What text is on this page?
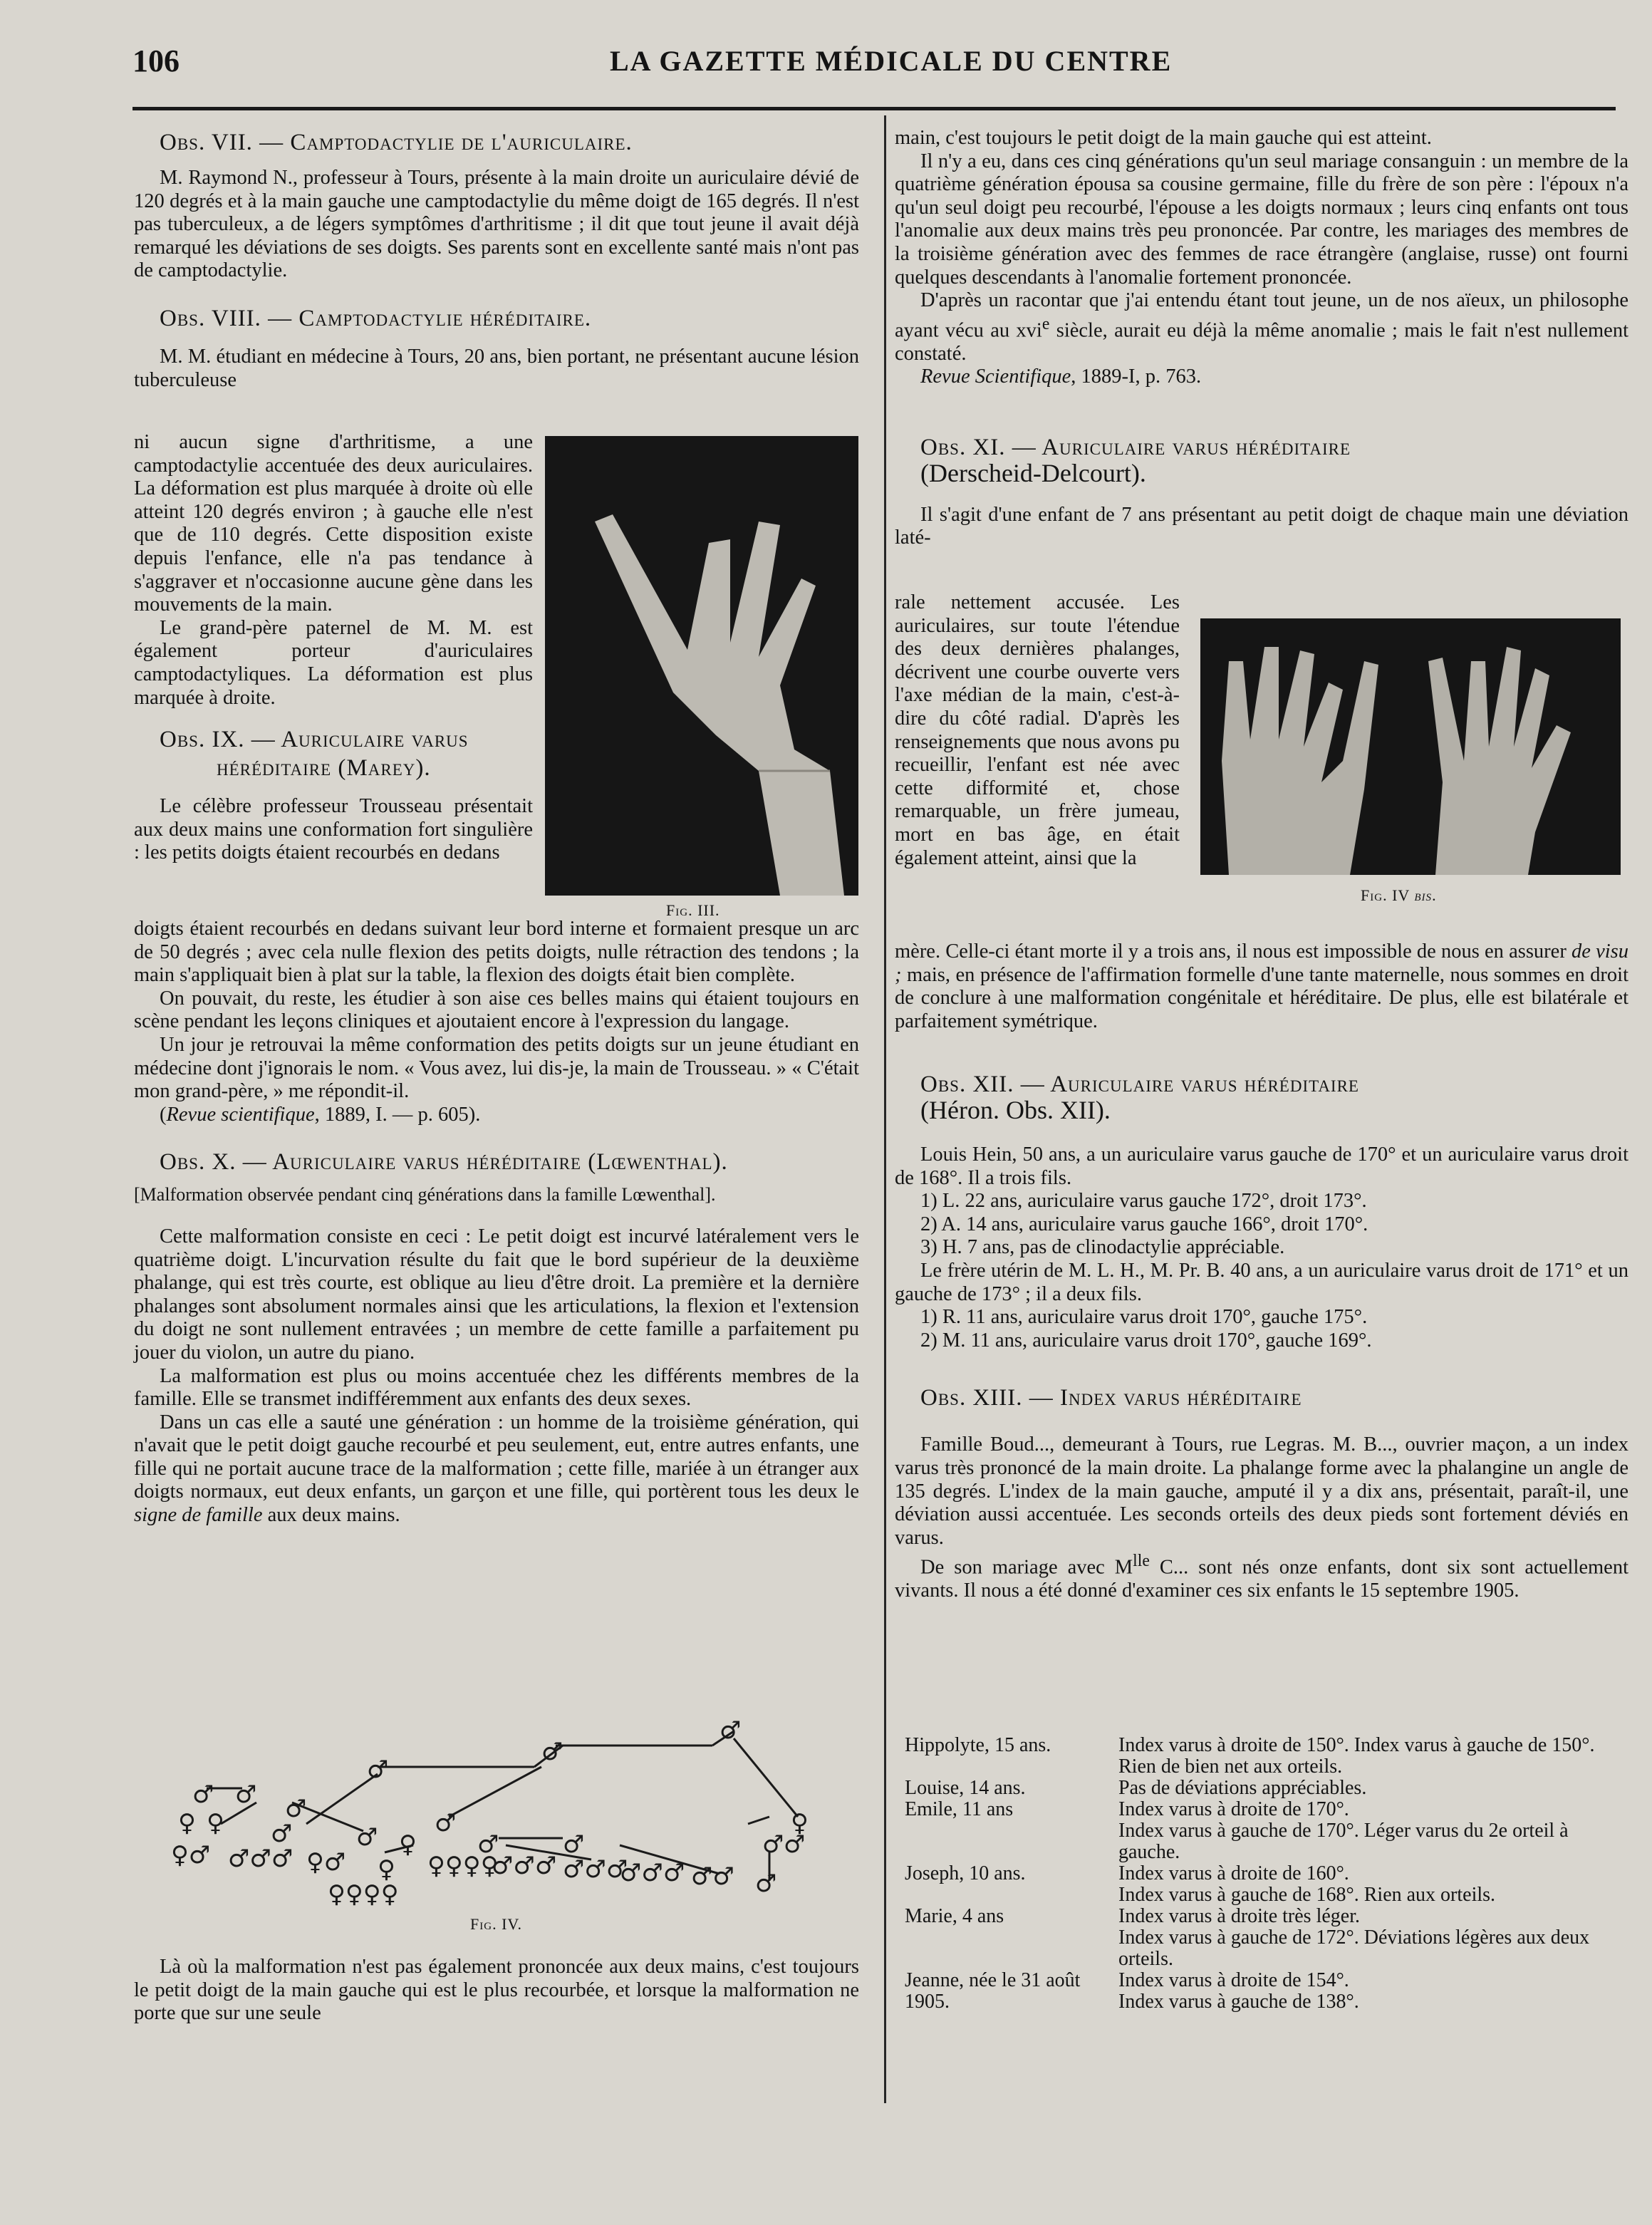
106	LA GAZETTE MÉDICALE DU CENTRE

Obs. VII. — Camptodactylie de l'auriculaire.

M. Raymond N., professeur à Tours, présente à la main droite un auriculaire dévié de 120 degrés et à la main gauche une camptodactylie du même doigt de 165 degrés. Il n'est pas tuberculeux, a de légers symptômes d'arthritisme ; il dit que tout jeune il avait déjà remarqué les déviations de ses doigts. Ses parents sont en excellente santé mais n'ont pas de camptodactylie.

Obs. VIII. — Camptodactylie héréditaire.

M. M. étudiant en médecine à Tours, 20 ans, bien portant, ne présentant aucune lésion tuberculeuse

ni aucun signe d'arthritisme, a une camptodactylie accentuée des deux auriculaires. La déformation est plus marquée à droite où elle atteint 120 degrés environ ; à gauche elle n'est que de 110 degrés. Cette disposition existe depuis l'enfance, elle n'a pas tendance à s'aggraver et n'occasionne aucune gène dans les mouvements de la main.

Le grand-père paternel de M. M. est également porteur d'auriculaires camptodactyliques. La déformation est plus marquée à droite.

Obs. IX. — Auriculaire varus

héréditaire (Marey).

Le célèbre professeur Trousseau présentait aux deux mains une conformation fort singulière : les petits doigts étaient recourbés en dedans

Fig. III.

doigts étaient recourbés en dedans suivant leur bord interne et formaient presque un arc de 50 degrés ; avec cela nulle flexion des petits doigts, nulle rétraction des tendons ; la main s'appliquait bien à plat sur la table, la flexion des doigts était bien complète.

On pouvait, du reste, les étudier à son aise ces belles mains qui étaient toujours en scène pendant les leçons cliniques et ajoutaient encore à l'expression du langage.

Un jour je retrouvai la même conformation des petits doigts sur un jeune étudiant en médecine dont j'ignorais le nom. « Vous avez, lui dis-je, la main de Trousseau. » « C'était mon grand-père, » me répondit-il.

(Revue scientifique, 1889, I. — p. 605).

Obs. X. — Auriculaire varus héréditaire (Lœwenthal).

[Malformation observée pendant cinq générations dans la famille Lœwenthal].

Cette malformation consiste en ceci : Le petit doigt est incurvé latéralement vers le quatrième doigt. L'incurvation résulte du fait que le bord supérieur de la deuxième phalange, qui est très courte, est oblique au lieu d'être droit. La première et la dernière phalanges sont absolument normales ainsi que les articulations, la flexion et l'extension du doigt ne sont nullement entravées ; un membre de cette famille a parfaitement pu jouer du violon, un autre du piano.

La malformation est plus ou moins accentuée chez les différents membres de la famille. Elle se transmet indifféremment aux enfants des deux sexes.

Dans un cas elle a sauté une génération : un homme de la troisième génération, qui n'avait que le petit doigt gauche recourbé et peu seulement, eut, entre autres enfants, une fille qui ne portait aucune trace de la malformation ; cette fille, mariée à un étranger aux doigts normaux, eut deux enfants, un garçon et une fille, qui portèrent tous les deux le signe de famille aux deux mains.

♂
♂
♂
♂ ♂ ♂	♂	♀
♀ ♀ ♂	♂ ♀	♂	♂	♂ ♂
♀♂ ♂♂♂ ♀♂ ♀ ♀♀♀♀
♂♂♂ ♂♂♂
♂♂♂ ♂♂ ♂
♀♀♀♀
Fig. IV.

Là où la malformation n'est pas également prononcée aux deux mains, c'est toujours le petit doigt de la main gauche qui est le plus recourbée, et lorsque la malformation ne porte que sur une seule

main, c'est toujours le petit doigt de la main gauche qui est atteint.

Il n'y a eu, dans ces cinq générations qu'un seul mariage consanguin : un membre de la quatrième génération épousa sa cousine germaine, fille du frère de son père : l'époux n'a qu'un seul doigt peu recourbé, l'épouse a les doigts normaux ; leurs cinq enfants ont tous l'anomalie aux deux mains très peu prononcée. Par contre, les mariages des membres de la troisième génération avec des femmes de race étrangère (anglaise, russe) ont fourni quelques descendants à l'anomalie fortement prononcée.

D'après un racontar que j'ai entendu étant tout jeune, un de nos aïeux, un philosophe ayant vécu au xvi$^e$ siècle, aurait eu déjà la même anomalie ; mais le fait n'est nullement constaté.

Revue Scientifique, 1889-I, p. 763.

Obs. XI. — Auriculaire varus héréditaire

(Derscheid-Delcourt).

Il s'agit d'une enfant de 7 ans présentant au petit doigt de chaque main une déviation laté-

Fig. IV bis.

rale nettement accusée. Les auriculaires, sur toute l'étendue des deux dernières phalanges, décrivent une courbe ouverte vers l'axe médian de la main, c'est-à-dire du côté radial. D'après les renseignements que nous avons pu recueillir, l'enfant est née avec cette difformité et, chose remarquable, un frère jumeau, mort en bas âge, en était également atteint, ainsi que la

mère. Celle-ci étant morte il y a trois ans, il nous est impossible de nous en assurer de visu ; mais, en présence de l'affirmation formelle d'une tante maternelle, nous sommes en droit de conclure à une malformation congénitale et héréditaire. De plus, elle est bilatérale et parfaitement symétrique.

Obs. XII. — Auriculaire varus héréditaire

(Héron. Obs. XII).

Louis Hein, 50 ans, a un auriculaire varus gauche de 170° et un auriculaire varus droit de 168°. Il a trois fils.

1) L. 22 ans, auriculaire varus gauche 172°, droit 173°.

2) A. 14 ans, auriculaire varus gauche 166°, droit 170°.

3) H. 7 ans, pas de clinodactylie appréciable.

Le frère utérin de M. L. H., M. Pr. B. 40 ans, a un auriculaire varus droit de 171° et un gauche de 173° ; il a deux fils.

1) R. 11 ans, auriculaire varus droit 170°, gauche 175°.

2) M. 11 ans, auriculaire varus droit 170°, gauche 169°.

Obs. XIII. — Index varus héréditaire

Famille Boud..., demeurant à Tours, rue Legras. M. B..., ouvrier maçon, a un index varus très prononcé de la main droite. La phalange forme avec la phalangine un angle de 135 degrés. L'index de la main gauche, amputé il y a dix ans, présentait, paraît-il, une déviation aussi accentuée. Les seconds orteils des deux pieds sont fortement déviés en varus.

De son mariage avec $M^{lle}$ C... sont nés onze enfants, dont six sont actuellement vivants. Il nous a été donné d'examiner ces six enfants le 15 septembre 1905.

Hippolyte, 15 ans.	Index varus à droite de 150°. Index varus à gauche de 150°. Rien de bien net aux orteils.
Louise, 14 ans.	Pas de déviations appréciables.
Emile, 11 ans	Index varus à droite de 170°.
Index varus à gauche de 170°. Léger varus du 2e orteil à gauche.
Joseph, 10 ans.	Index varus à droite de 160°.
Index varus à gauche de 168°. Rien aux orteils.
Marie, 4 ans	Index varus à droite très léger.
Index varus à gauche de 172°. Déviations légères aux deux orteils.
Jeanne, née le 31 août 1905.
Index varus à droite de 154°.
Index varus à gauche de 138°.
